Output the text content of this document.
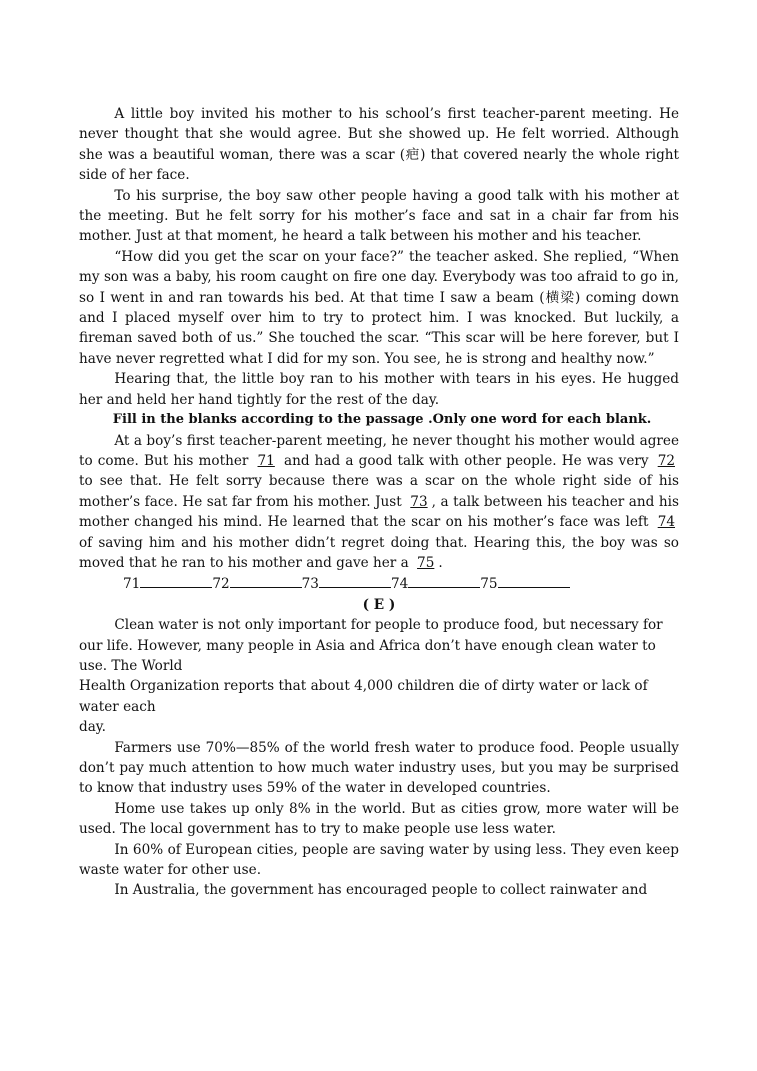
A little boy invited his mother to his school’s first teacher-parent meeting. He never thought that she would agree. But she showed up. He felt worried. Although she was a beautiful woman, there was a scar (疤) that covered nearly the whole right side of her face.

To his surprise, the boy saw other people having a good talk with his mother at the meeting. But he felt sorry for his mother’s face and sat in a chair far from his mother. Just at that moment, he heard a talk between his mother and his teacher.

“How did you get the scar on your face?” the teacher asked. She replied, “When my son was a baby, his room caught on fire one day. Everybody was too afraid to go in, so I went in and ran towards his bed. At that time I saw a beam (横梁) coming down and I placed myself over him to try to protect him. I was knocked. But luckily, a fireman saved both of us.” She touched the scar. “This scar will be here forever, but I have never regretted what I did for my son. You see, he is strong and healthy now.”

Hearing that, the little boy ran to his mother with tears in his eyes. He hugged her and held her hand tightly for the rest of the day.

Fill in the blanks according to the passage .Only one word for each blank.

At a boy’s first teacher-parent meeting, he never thought his mother would agree to come. But his mother 71 and had a good talk with other people. He was very 72 to see that. He felt sorry because there was a scar on the whole right side of his mother’s face. He sat far from his mother. Just 73 , a talk between his teacher and his mother changed his mind. He learned that the scar on his mother’s face was left 74 of saving him and his mother didn’t regret doing that. Hearing this, the boy was so moved that he ran to his mother and gave her a 75 .

71	72	73	74	75

( E )

Clean water is not only important for people to produce food, but necessary for our life. However, many people in Asia and Africa don’t have enough clean water to use. The World

Health Organization reports that about 4,000 children die of dirty water or lack of water each

day.

Farmers use 70%—85% of the world fresh water to produce food. People usually don’t pay much attention to how much water industry uses, but you may be surprised to know that industry uses 59% of the water in developed countries.

Home use takes up only 8% in the world. But as cities grow, more water will be used. The local government has to try to make people use less water.

In 60% of European cities, people are saving water by using less. They even keep waste water for other use.

In Australia, the government has encouraged people to collect rainwater and
